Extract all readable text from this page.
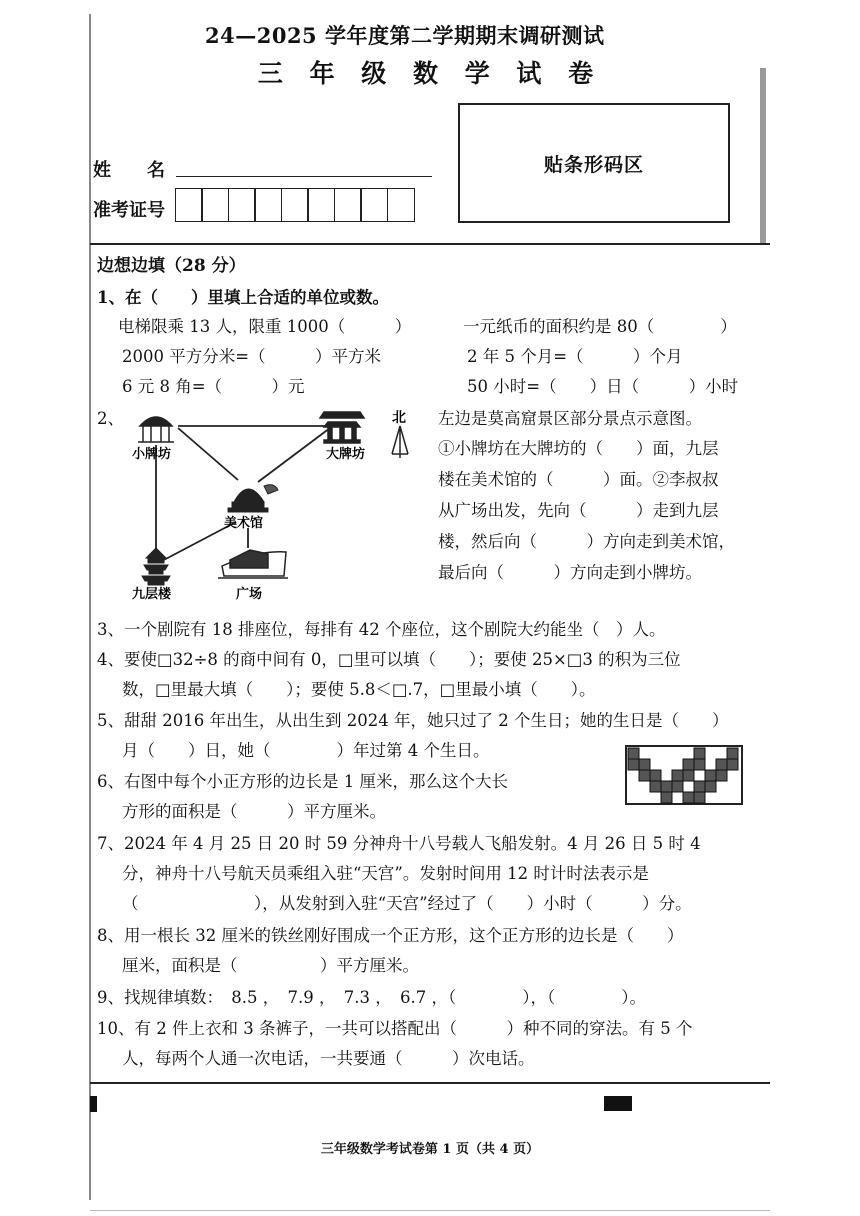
24—2025 学年度第二学期期末调研测试
三 年 级 数 学 试 卷
贴条形码区
姓　　名
准考证号
边想边填（28 分）
1、在（　　）里填上合适的单位或数。
电梯限乘 13 人，限重 1000（　　　）	一元纸币的面积约是 80（　　　　）
2000 平方分米=（　　　）平方米	2 年 5 个月=（　　　）个月
6 元 8 角=（　　　）元	50 小时=（　　）日（　　　）小时
2、	北
小牌坊	大牌坊
美术馆
九层楼	广场
左边是莫高窟景区部分景点示意图。
①小牌坊在大牌坊的（　　）面，九层
楼在美术馆的（　　　）面。②李叔叔
从广场出发，先向（　　　）走到九层
楼，然后向（　　　）方向走到美术馆，
最后向（　　　）方向走到小牌坊。
3、一个剧院有 18 排座位，每排有 42 个座位，这个剧院大约能坐（　）人。
4、要使□32÷8 的商中间有 0，□里可以填（　　）；要使 25×□3 的积为三位
数，□里最大填（　　）；要使 5.8＜□.7，□里最小填（　　）。
5、甜甜 2016 年出生，从出生到 2024 年，她只过了 2 个生日；她的生日是（　　）
月（　　）日，她（　　　　）年过第 4 个生日。
6、右图中每个小正方形的边长是 1 厘米，那么这个大长
方形的面积是（　　　）平方厘米。
7、2024 年 4 月 25 日 20 时 59 分神舟十八号载人飞船发射。4 月 26 日 5 时 4
分，神舟十八号航天员乘组入驻“天宫”。发射时间用 12 时计时法表示是
（　　　　　　　），从发射到入驻“天宫”经过了（　　）小时（　　　）分。
8、用一根长 32 厘米的铁丝刚好围成一个正方形，这个正方形的边长是（　　）
厘米，面积是（　　　　　）平方厘米。
9、找规律填数：　8.5 ，　7.9 ，　7.3 ，　6.7 ，（　　　　），（　　　　）。
10、有 2 件上衣和 3 条裤子，一共可以搭配出（　　　）种不同的穿法。有 5 个
人，每两个人通一次电话，一共要通（　　　）次电话。
三年级数学考试卷第 1 页（共 4 页）
